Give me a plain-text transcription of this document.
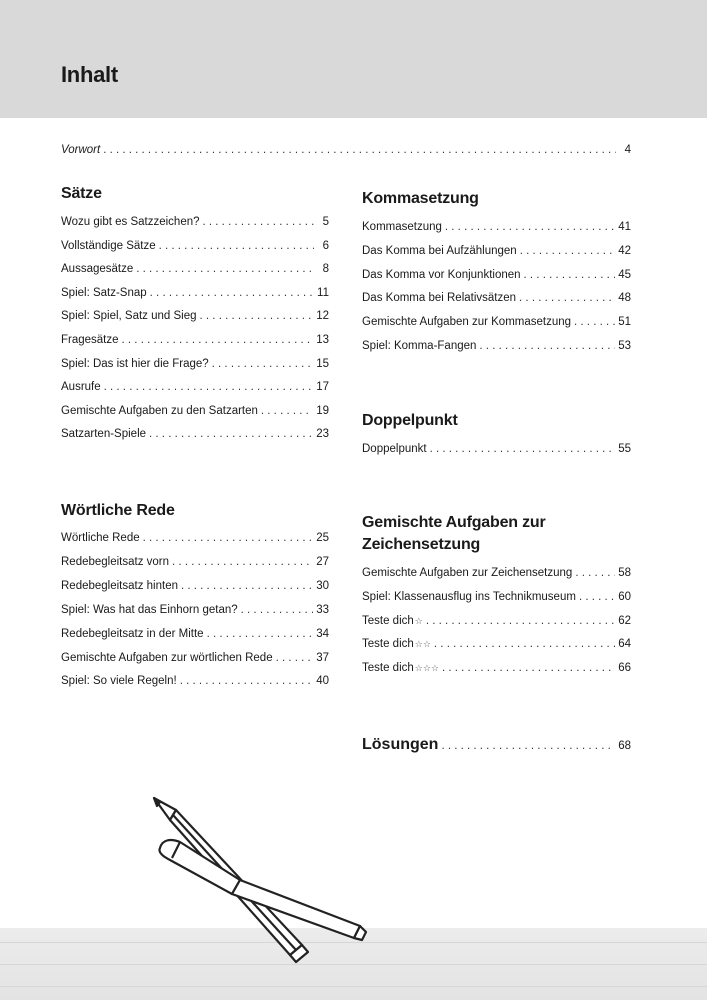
Inhalt
Vorwort . . .	4
Sätze
Wozu gibt es Satzzeichen? . . .	5
Vollständige Sätze . . .	6
Aussagesätze . . .	8
Spiel: Satz-Snap . . .	11
Spiel: Spiel, Satz und Sieg . . .	12
Fragesätze . . .	13
Spiel: Das ist hier die Frage? . . .	15
Ausrufe . . .	17
Gemischte Aufgaben zu den Satzarten . . .	19
Satzarten-Spiele . . .	23
Wörtliche Rede
Wörtliche Rede . . .	25
Redebegleitsatz vorn . . .	27
Redebegleitsatz hinten . . .	30
Spiel: Was hat das Einhorn getan? . . .	33
Redebegleitsatz in der Mitte . . .	34
Gemischte Aufgaben zur wörtlichen Rede . . .	37
Spiel: So viele Regeln! . . .	40
Kommasetzung
Kommasetzung . . .	41
Das Komma bei Aufzählungen . . .	42
Das Komma vor Konjunktionen . . .	45
Das Komma bei Relativsätzen . . .	48
Gemischte Aufgaben zur Kommasetzung . . .	51
Spiel: Komma-Fangen . . .	53
Doppelpunkt
Doppelpunkt . . .	55
Gemischte Aufgaben zur
Zeichensetzung
Gemischte Aufgaben zur Zeichensetzung . . .	58
Spiel: Klassenausflug ins Technikmuseum . . .	60
Teste dich ☆ . . .	62
Teste dich ☆☆ . . .	64
Teste dich ☆☆☆ . . .	66
Lösungen . . .	68
